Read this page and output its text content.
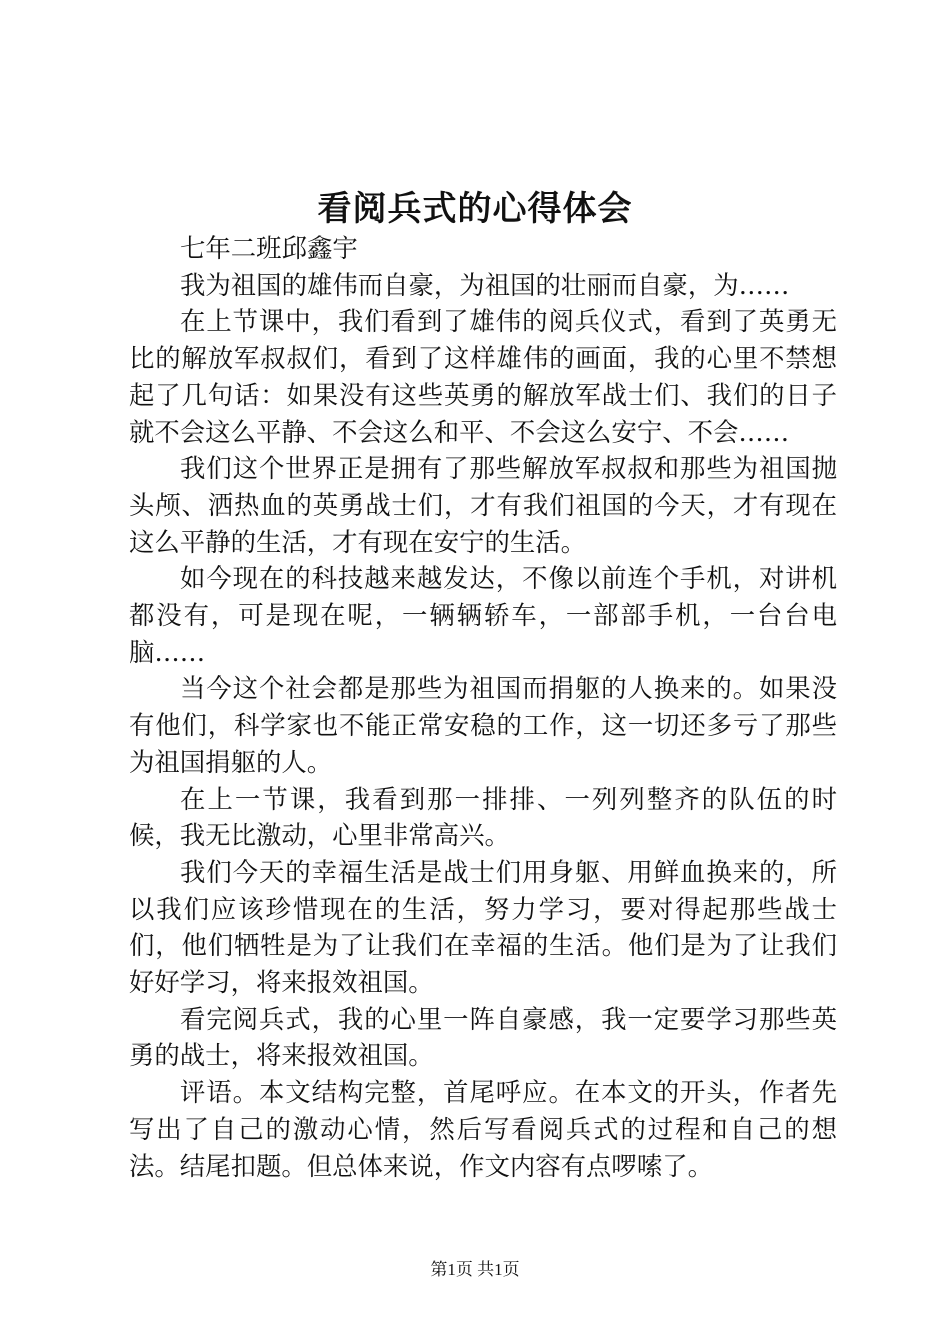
看阅兵式的心得体会

七年二班邱鑫宇

我为祖国的雄伟而自豪，为祖国的壮丽而自豪，为……

在上节课中，我们看到了雄伟的阅兵仪式，看到了英勇无比的解放军叔叔们，看到了这样雄伟的画面，我的心里不禁想起了几句话：如果没有这些英勇的解放军战士们、我们的日子就不会这么平静、不会这么和平、不会这么安宁、不会……

我们这个世界正是拥有了那些解放军叔叔和那些为祖国抛头颅、洒热血的英勇战士们，才有我们祖国的今天，才有现在这么平静的生活，才有现在安宁的生活。

如今现在的科技越来越发达，不像以前连个手机，对讲机都没有，可是现在呢，一辆辆轿车，一部部手机，一台台电脑……

当今这个社会都是那些为祖国而捐躯的人换来的。如果没有他们，科学家也不能正常安稳的工作，这一切还多亏了那些为祖国捐躯的人。

在上一节课，我看到那一排排、一列列整齐的队伍的时候，我无比激动，心里非常高兴。

我们今天的幸福生活是战士们用身躯、用鲜血换来的，所以我们应该珍惜现在的生活，努力学习，要对得起那些战士们，他们牺牲是为了让我们在幸福的生活。他们是为了让我们好好学习，将来报效祖国。

看完阅兵式，我的心里一阵自豪感，我一定要学习那些英勇的战士，将来报效祖国。

评语。本文结构完整，首尾呼应。在本文的开头，作者先写出了自己的激动心情，然后写看阅兵式的过程和自己的想法。结尾扣题。但总体来说，作文内容有点啰嗦了。

第1页 共1页
